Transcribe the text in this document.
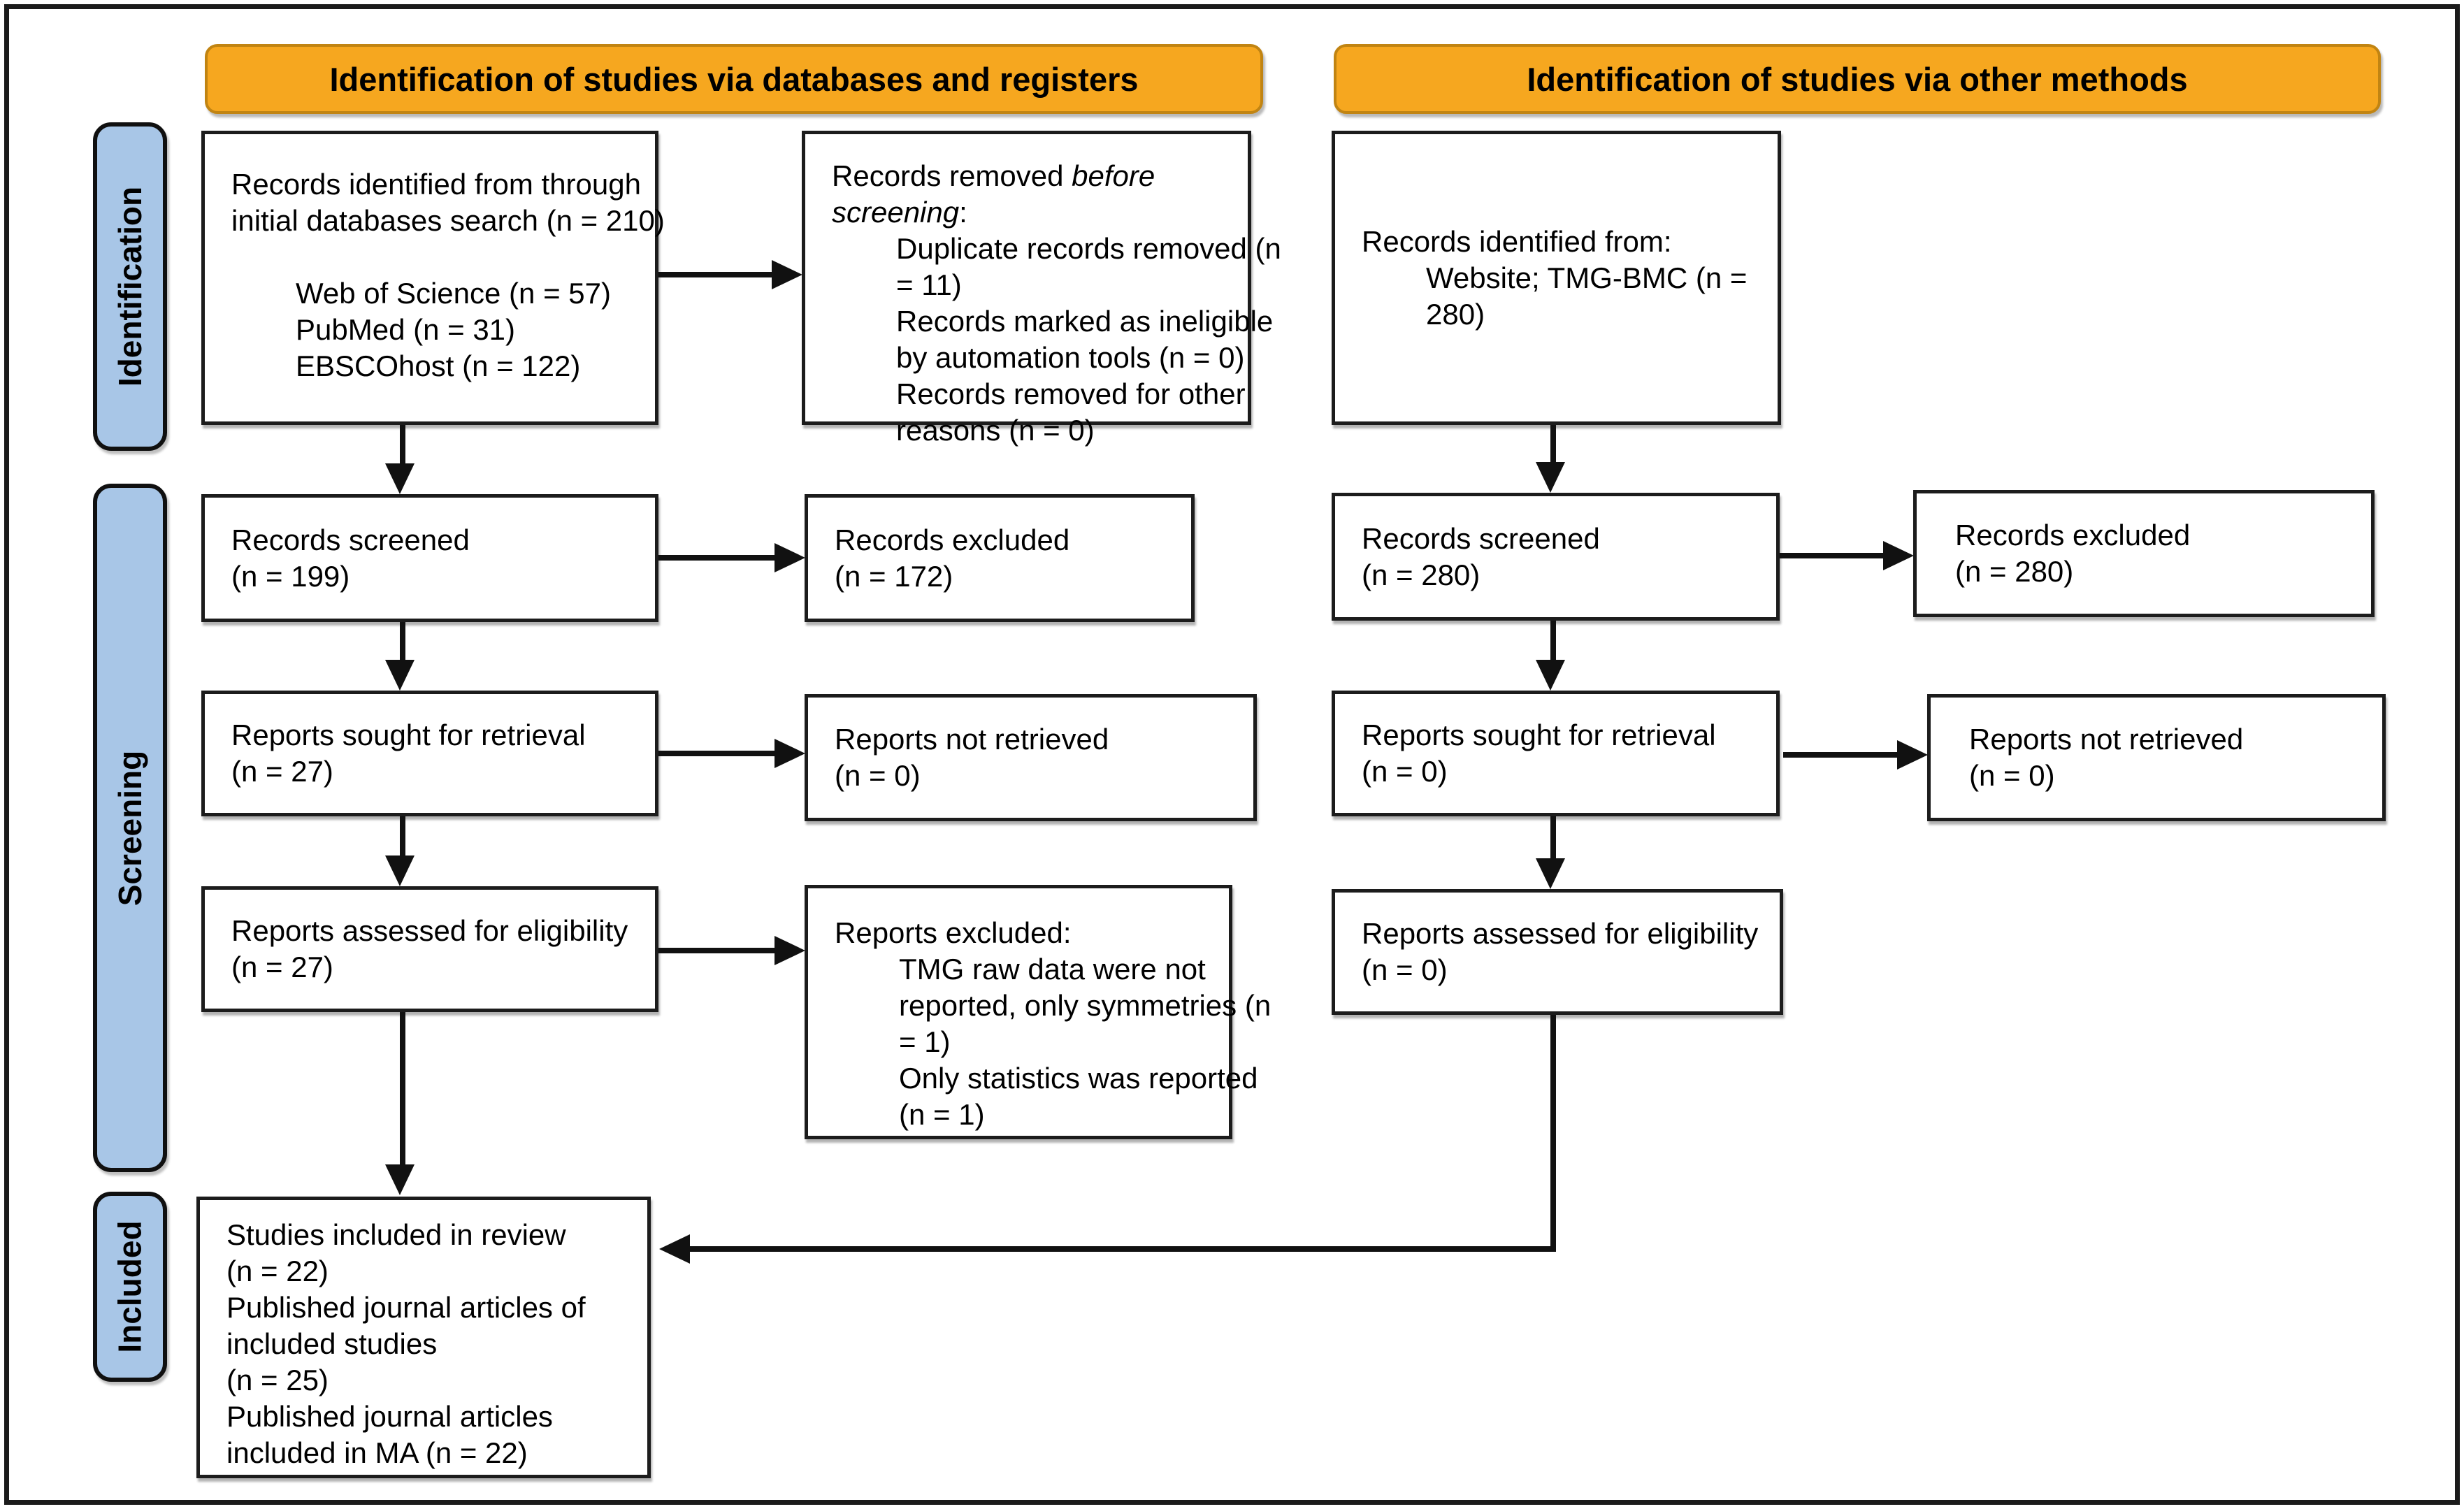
Identification of studies via databases and registers	Identification of studies via other methods
Identification
Screening
Included
Records identified from through
initial databases search (n = 210)
Web of Science (n = 57)
PubMed (n = 31)
EBSCOhost (n = 122)
Records removed before
screening:
Duplicate records removed (n
= 11)
Records marked as ineligible
by automation tools (n = 0)
Records removed for other
reasons (n = 0)
Records screened
(n = 199)
Records excluded
(n = 172)
Reports sought for retrieval
(n = 27)
Reports not retrieved
(n = 0)
Reports assessed for eligibility
(n = 27)
Reports excluded:
TMG raw data were not
reported, only symmetries (n
= 1)
Only statistics was reported
(n = 1)
Studies included in review
(n = 22)
Published journal articles of
included studies
(n = 25)
Published journal articles
included in MA (n = 22)
Records identified from:
Website; TMG-BMC (n =
280)
Records screened
(n = 280)
Records excluded
(n = 280)
Reports sought for retrieval
(n = 0)
Reports not retrieved
(n = 0)
Reports assessed for eligibility
(n = 0)
